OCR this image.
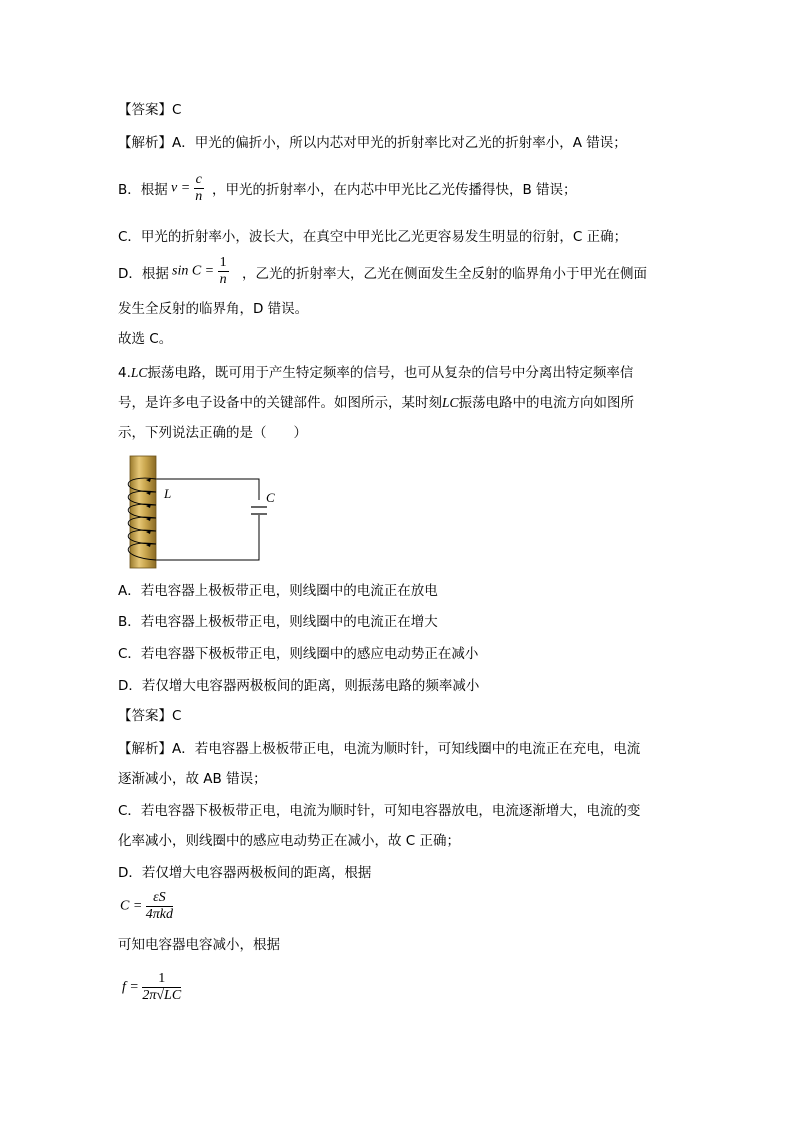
【答案】C
【解析】A．甲光的偏折小，所以内芯对甲光的折射率比对乙光的折射率小，A 错误；
B．根据 $v = \frac{c}{n}$ ，甲光的折射率小，在内芯中甲光比乙光传播得快，B 错误；
C．甲光的折射率小，波长大，在真空中甲光比乙光更容易发生明显的衍射，C 正确；
D．根据 $\sin C = \frac{1}{n}$ ，乙光的折射率大，乙光在侧面发生全反射的临界角小于甲光在侧面
发生全反射的临界角，D 错误。
故选 C。
4.LC振荡电路，既可用于产生特定频率的信号，也可从复杂的信号中分离出特定频率信
号，是许多电子设备中的关键部件。如图所示，某时刻LC振荡电路中的电流方向如图所
示，下列说法正确的是（　　）
L	C
A．若电容器上极板带正电，则线圈中的电流正在放电
B．若电容器上极板带正电，则线圈中的电流正在增大
C．若电容器下极板带正电，则线圈中的感应电动势正在减小
D．若仅增大电容器两极板间的距离，则振荡电路的频率减小
【答案】C
【解析】A．若电容器上极板带正电，电流为顺时针，可知线圈中的电流正在充电，电流
逐渐减小，故 AB 错误；
C．若电容器下极板带正电，电流为顺时针，可知电容器放电，电流逐渐增大，电流的变
化率减小，则线圈中的感应电动势正在减小，故 C 正确；
D．若仅增大电容器两极板间的距离，根据
$C = \frac{\varepsilon S}{\text{4πkd}}$
可知电容器电容减小，根据
$f = \frac{1}{2\pi√LC}$
